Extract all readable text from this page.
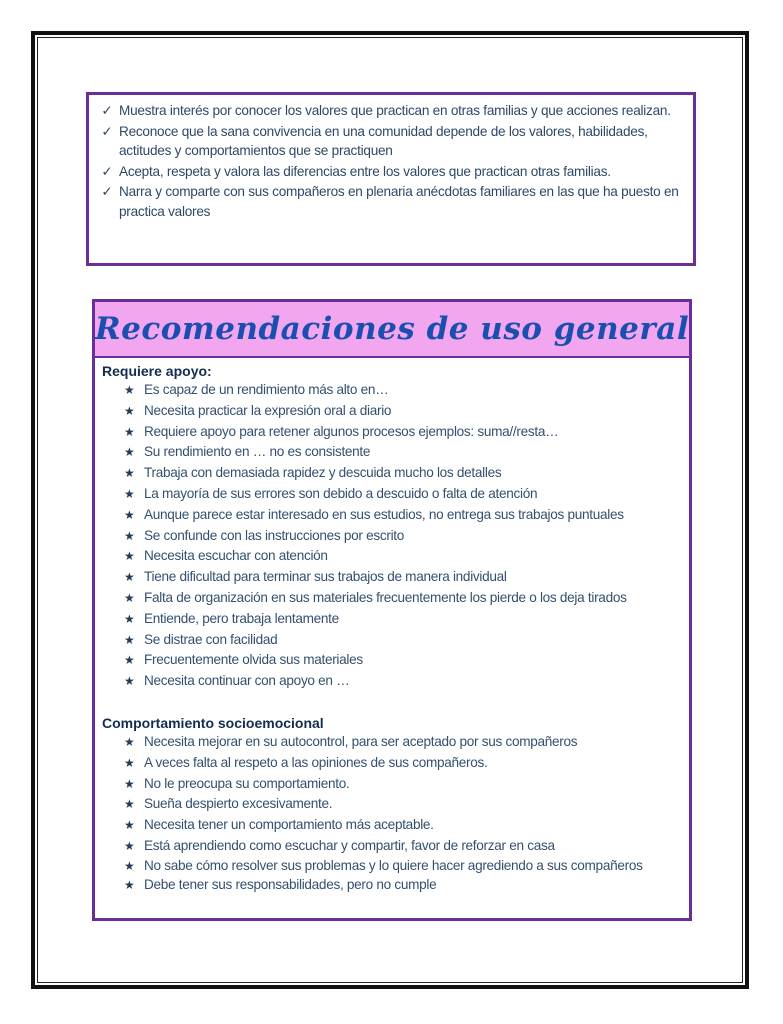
✓ Muestra interés por conocer los valores que practican en otras familias y que acciones realizan.
✓ Reconoce que la sana convivencia en una comunidad depende de los valores, habilidades, actitudes y comportamientos que se practiquen
✓ Acepta, respeta y valora las diferencias entre los valores que practican otras familias.
✓ Narra y comparte con sus compañeros en plenaria anécdotas familiares en las que ha puesto en practica valores
Recomendaciones de uso general

Requiere apoyo:

★ Es capaz de un rendimiento más alto en…
★ Necesita practicar la expresión oral a diario
★ Requiere apoyo para retener algunos procesos ejemplos: suma//resta…
★ Su rendimiento en … no es consistente
★ Trabaja con demasiada rapidez y descuida mucho los detalles
★ La mayoría de sus errores son debido a descuido o falta de atención
★ Aunque parece estar interesado en sus estudios, no entrega sus trabajos puntuales
★ Se confunde con las instrucciones por escrito
★ Necesita escuchar con atención
★ Tiene dificultad para terminar sus trabajos de manera individual
★ Falta de organización en sus materiales frecuentemente los pierde o los deja tirados
★ Entiende, pero trabaja lentamente
★ Se distrae con facilidad
★ Frecuentemente olvida sus materiales
★ Necesita continuar con apoyo en …

Comportamiento socioemocional

★ Necesita mejorar en su autocontrol, para ser aceptado por sus compañeros
★ A veces falta al respeto a las opiniones de sus compañeros.
★ No le preocupa su comportamiento.
★ Sueña despierto excesivamente.
★ Necesita tener un comportamiento más aceptable.
★ Está aprendiendo como escuchar y compartir, favor de reforzar en casa
★ No sabe cómo resolver sus problemas y lo quiere hacer agrediendo a sus compañeros
★ Debe tener sus responsabilidades, pero no cumple
